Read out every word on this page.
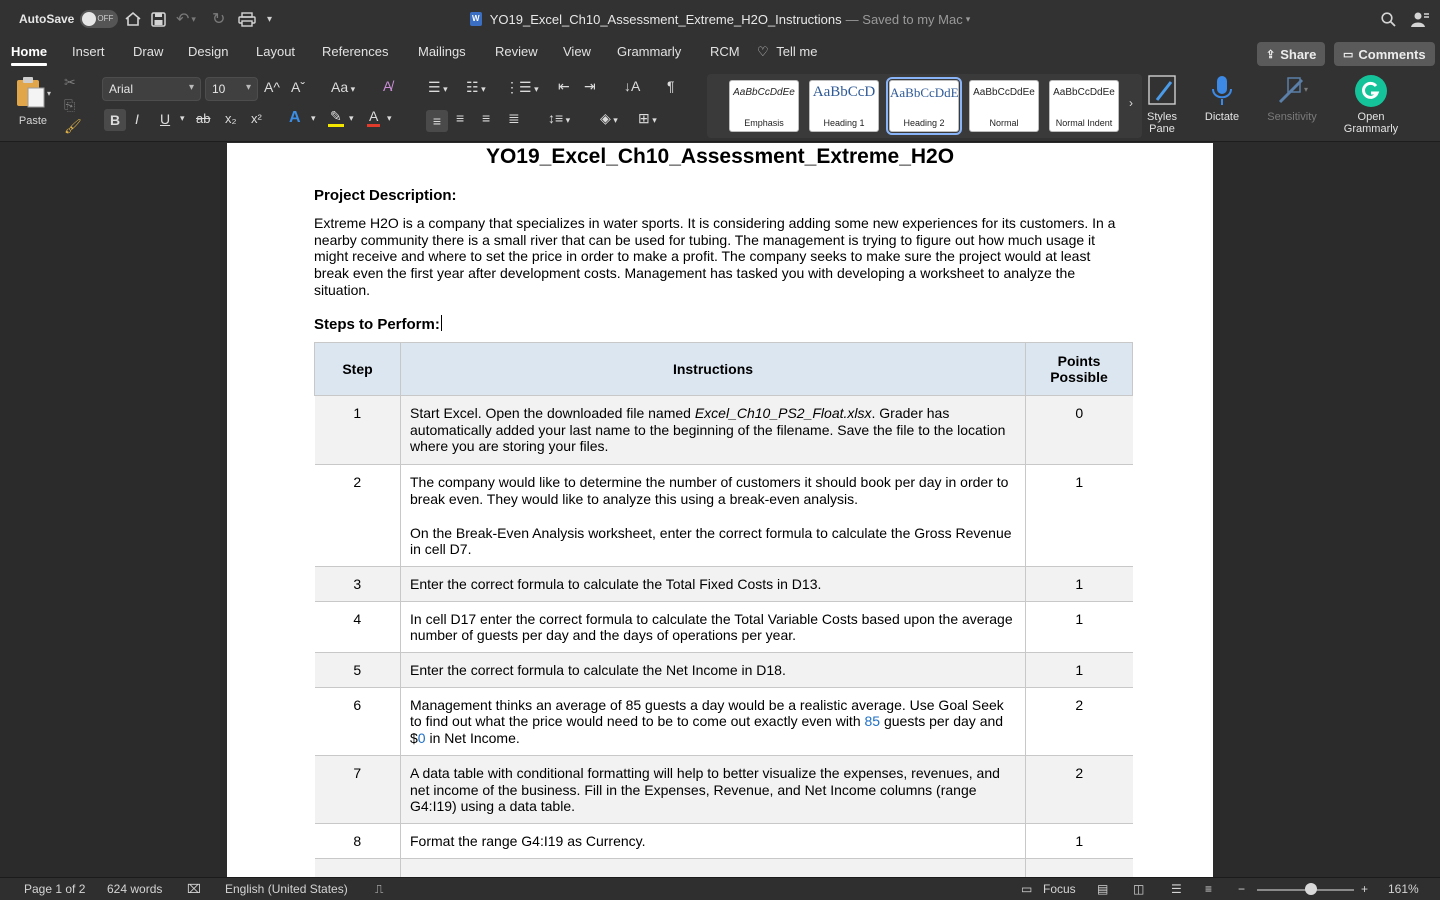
AutoSave	OFF	↶ ▾ ↻	▾	W YO19_Excel_Ch10_Assessment_Extreme_H2O_Instructions — Saved to my Mac ▾
Home Insert Draw Design Layout References Mailings Review View Grammarly RCM ♡ Tell me	⇪ Share ▭ Comments
▾
Paste
✂
⎘
🖌
Arial	▾ 10 ▾ A^ Aˇ Aa ▾ A̸
B	I U ▾ ab x₂ x² A ▾ ✎ ▾ A ▾
☰ ▾ ☷ ▾ ⋮☰ ▾ ⇤ ⇥ ↓A ¶
≡	≡ ≡ ≣ ↕≡ ▾ ◈ ▾ ⊞ ▾
AaBbCcDdEe
Emphasis
AaBbCcD
Heading 1
AaBbCcDdE
Heading 2
AaBbCcDdEe
Normal
AaBbCcDdEe
Normal Indent
›
Styles Pane
Dictate
▾
Sensitivity	Open Grammarly
YO19_Excel_Ch10_Assessment_Extreme_H2O
Project Description:
Extreme H2O is a company that specializes in water sports. It is considering adding some new experiences for its customers. In a nearby community there is a small river that can be used for tubing. The management is trying to figure out how much usage it might receive and where to set the price in order to make a profit. The company seeks to make sure the project would at least break even the first year after development costs. Management has tasked you with developing a worksheet to analyze the situation.
Steps to Perform:
Step	Instructions	Points Possible
1	Start Excel. Open the downloaded file named Excel_Ch10_PS2_Float.xlsx. Grader has automatically added your last name to the beginning of the filename. Save the file to the location where you are storing your files.	0
2	The company would like to determine the number of customers it should book per day in order to break even. They would like to analyze this using a break-even analysis.
On the Break-Even Analysis worksheet, enter the correct formula to calculate the Gross Revenue in cell D7.	1
3	Enter the correct formula to calculate the Total Fixed Costs in D13.	1
4	In cell D17 enter the correct formula to calculate the Total Variable Costs based upon the average number of guests per day and the days of operations per year.	1
5	Enter the correct formula to calculate the Net Income in D18.	1
6	Management thinks an average of 85 guests a day would be a realistic average. Use Goal Seek to find out what the price would need to be to come out exactly even with 85 guests per day and $0 in Net Income.	2
7	A data table with conditional formatting will help to better visualize the expenses, revenues, and net income of the business. Fill in the Expenses, Revenue, and Net Income columns (range G4:I19) using a data table.	2
8	Format the range G4:I19 as Currency.	1

Page 1 of 2 624 words ⌧ English (United States) ⎍	▭ Focus ▤ ◫ ☰ ≡ −	+ 161%
